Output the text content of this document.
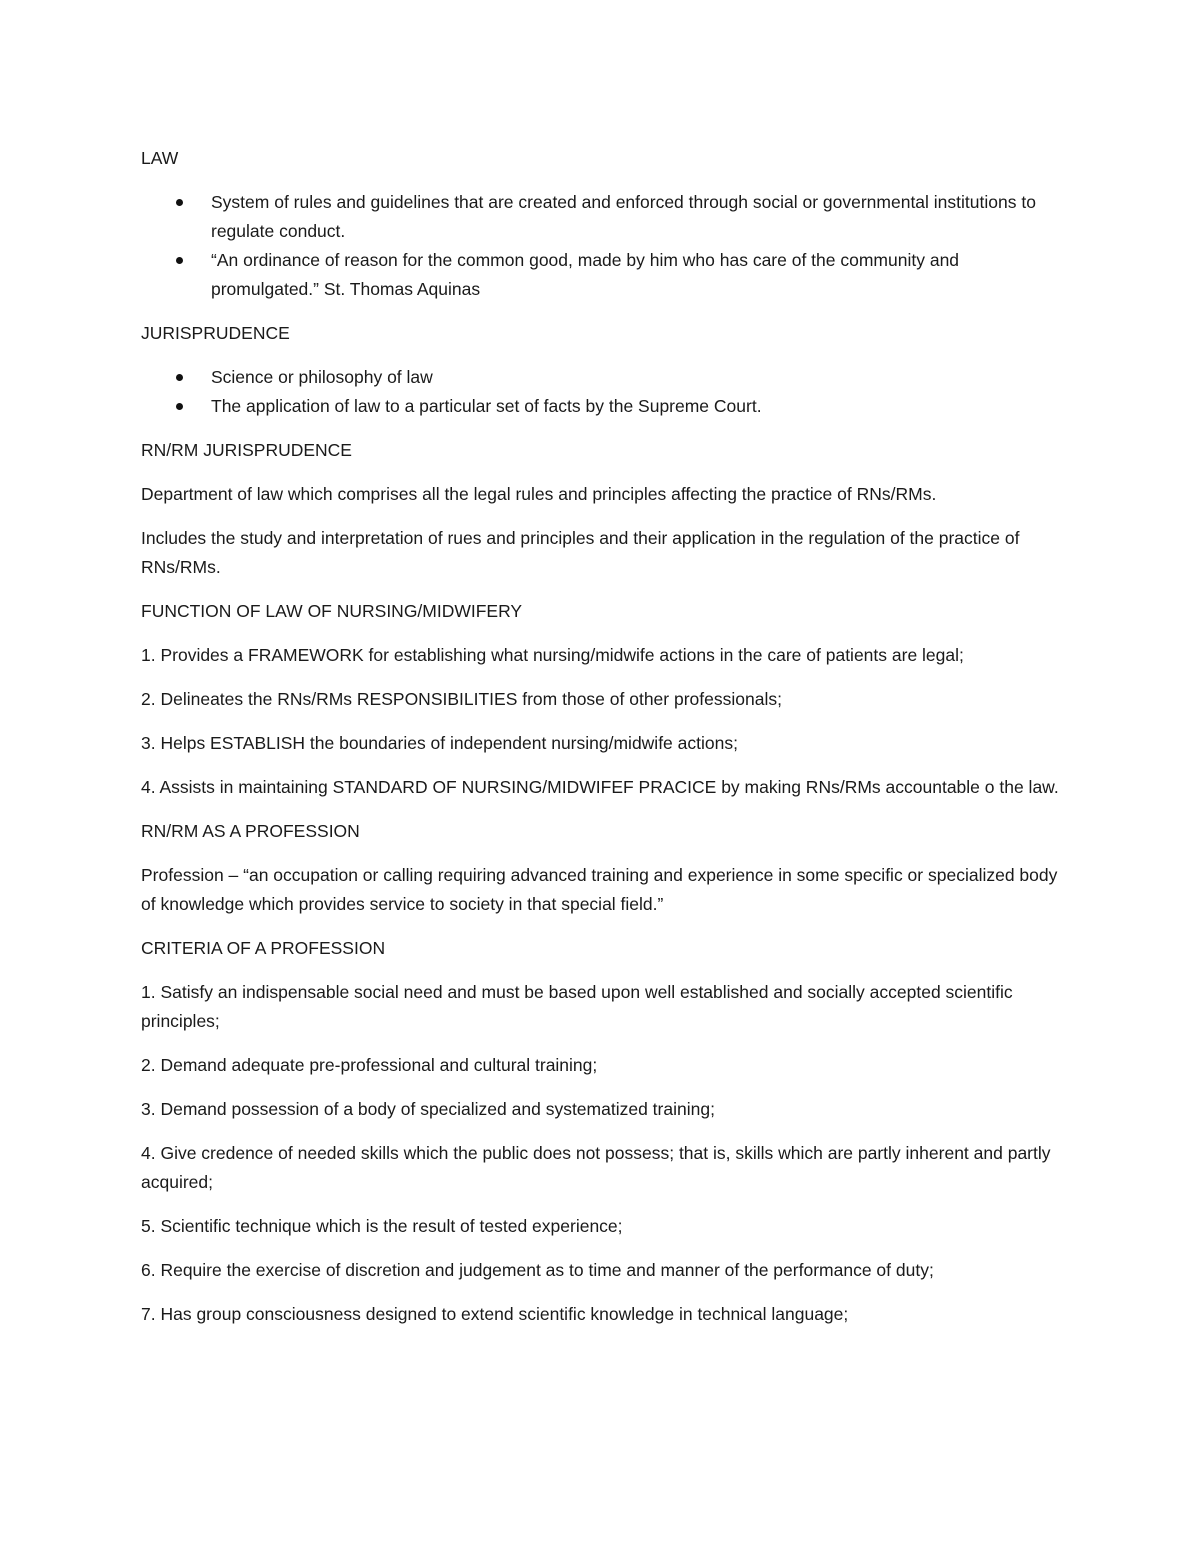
LAW

System of rules and guidelines that are created and enforced through social or governmental institutions to regulate conduct.
“An ordinance of reason for the common good, made by him who has care of the community and promulgated.” St. Thomas Aquinas

JURISPRUDENCE

Science or philosophy of law
The application of law to a particular set of facts by the Supreme Court.

RN/RM JURISPRUDENCE

Department of law which comprises all the legal rules and principles affecting the practice of RNs/RMs.

Includes the study and interpretation of rues and principles and their application in the regulation of the practice of RNs/RMs.

FUNCTION OF LAW OF NURSING/MIDWIFERY

1. Provides a FRAMEWORK for establishing what nursing/midwife actions in the care of patients are legal;

2. Delineates the RNs/RMs RESPONSIBILITIES from those of other professionals;

3. Helps ESTABLISH the boundaries of independent nursing/midwife actions;

4. Assists in maintaining STANDARD OF NURSING/MIDWIFEF PRACICE by making RNs/RMs accountable o the law.

RN/RM AS A PROFESSION

Profession – “an occupation or calling requiring advanced training and experience in some specific or specialized body of knowledge which provides service to society in that special field.”

CRITERIA OF A PROFESSION

1. Satisfy an indispensable social need and must be based upon well established and socially accepted scientific principles;

2. Demand adequate pre-professional and cultural training;

3. Demand possession of a body of specialized and systematized training;

4. Give credence of needed skills which the public does not possess; that is, skills which are partly inherent and partly acquired;

5. Scientific technique which is the result of tested experience;

6. Require the exercise of discretion and judgement as to time and manner of the performance of duty;

7. Has group consciousness designed to extend scientific knowledge in technical language;
